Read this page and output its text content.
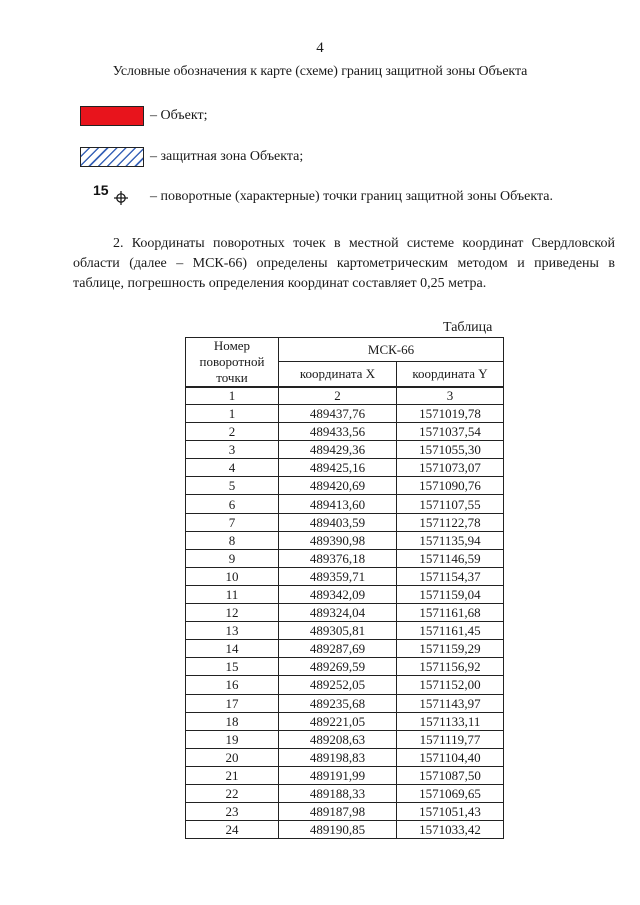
4
Условные обозначения к карте (схеме) границ защитной зоны Объекта
– Объект;
– защитная зона Объекта;
15	– поворотные (характерные) точки границ защитной зоны Объекта.
2. Координаты поворотных точек в местной системе координат Свердловской области (далее – МСК-66) определены картометрическим методом и приведены в таблице, погрешность определения координат составляет 0,25 метра.
Таблица
Номер поворотной точки	МСК-66	
	координата X	координата Y
1	2	3
1	489437,76	1571019,78
2	489433,56	1571037,54
3	489429,36	1571055,30
4	489425,16	1571073,07
5	489420,69	1571090,76
6	489413,60	1571107,55
7	489403,59	1571122,78
8	489390,98	1571135,94
9	489376,18	1571146,59
10	489359,71	1571154,37
11	489342,09	1571159,04
12	489324,04	1571161,68
13	489305,81	1571161,45
14	489287,69	1571159,29
15	489269,59	1571156,92
16	489252,05	1571152,00
17	489235,68	1571143,97
18	489221,05	1571133,11
19	489208,63	1571119,77
20	489198,83	1571104,40
21	489191,99	1571087,50
22	489188,33	1571069,65
23	489187,98	1571051,43
24	489190,85	1571033,42
